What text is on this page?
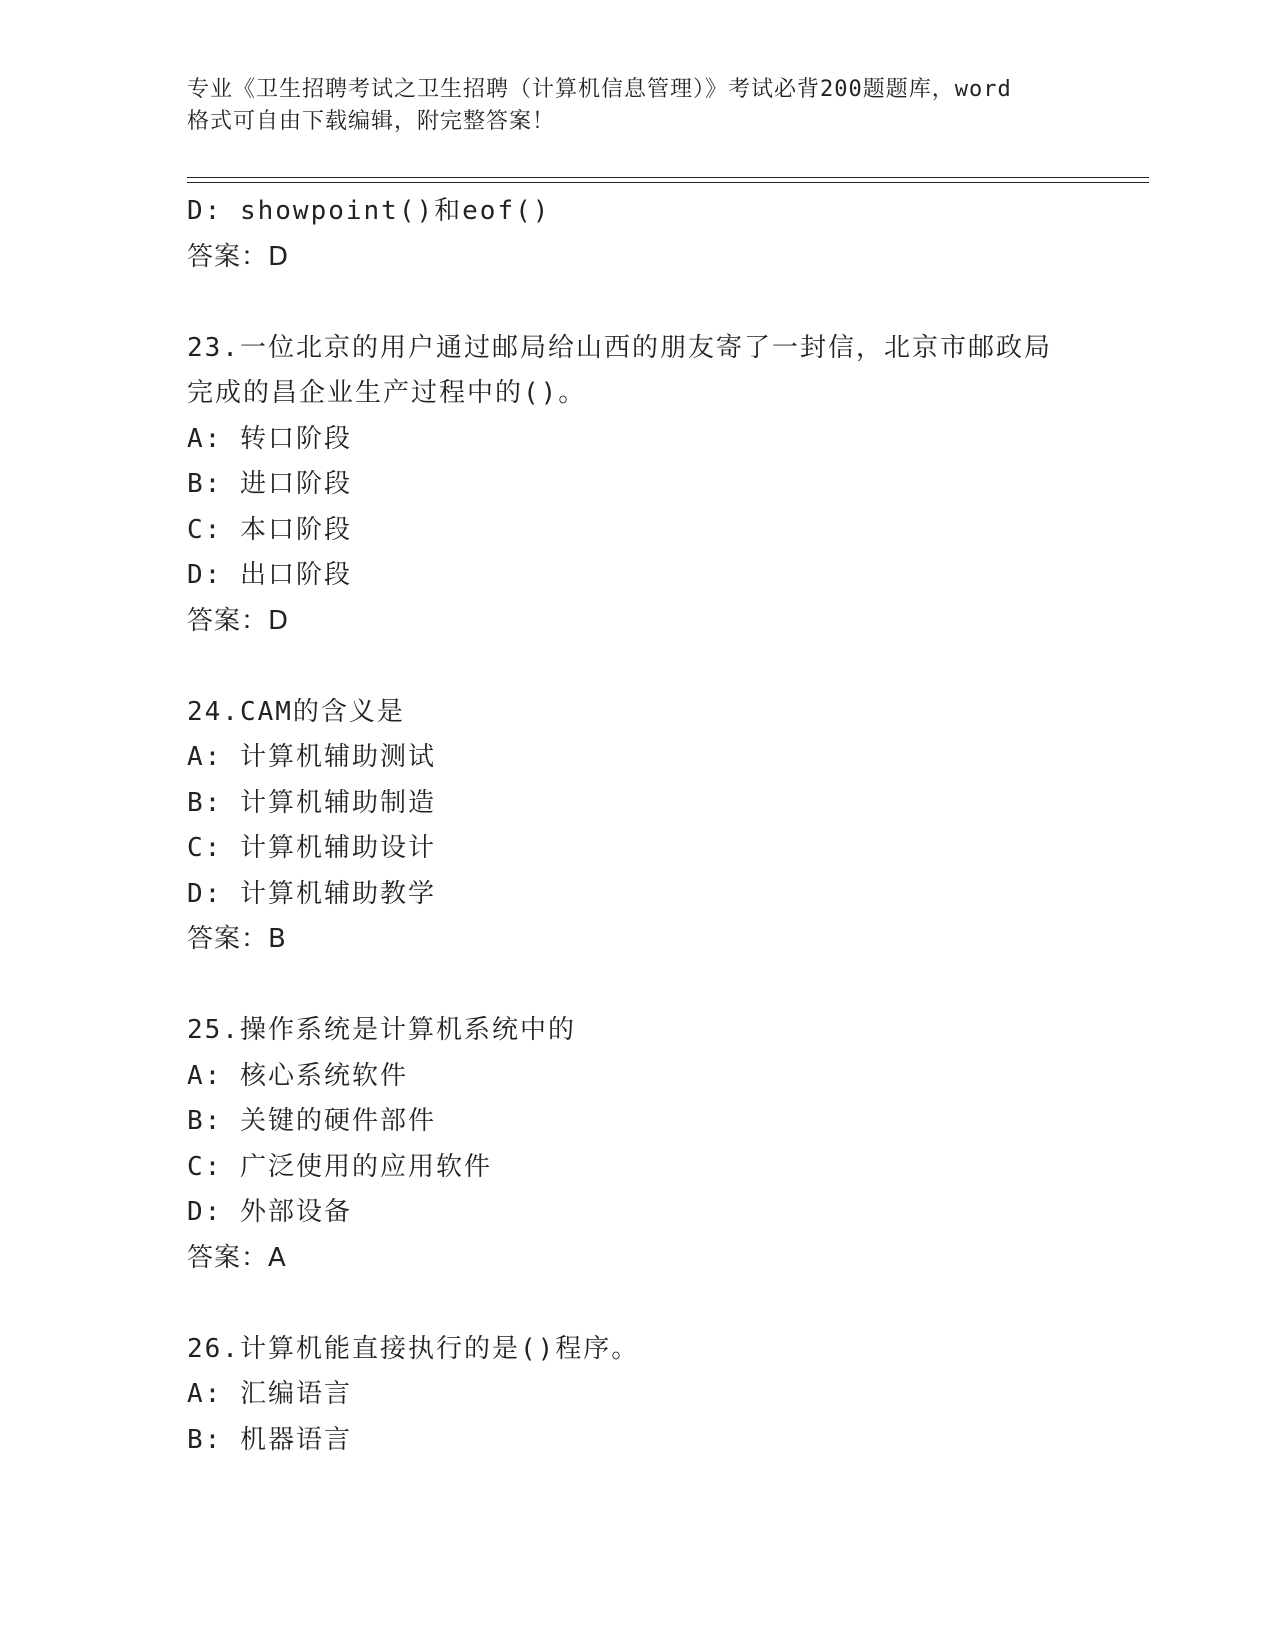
专业《卫生招聘考试之卫生招聘（计算机信息管理）》考试必背200题题库，word
格式可自由下载编辑，附完整答案！
D: showpoint()和eof()
答案：D
23.一位北京的用户通过邮局给山西的朋友寄了一封信，北京市邮政局
完成的昌企业生产过程中的()。
A: 转口阶段
B: 进口阶段
C: 本口阶段
D: 出口阶段
答案：D
24.CAM的含义是
A: 计算机辅助测试
B: 计算机辅助制造
C: 计算机辅助设计
D: 计算机辅助教学
答案：B
25.操作系统是计算机系统中的
A: 核心系统软件
B: 关键的硬件部件
C: 广泛使用的应用软件
D: 外部设备
答案：A
26.计算机能直接执行的是()程序。
A: 汇编语言
B: 机器语言
